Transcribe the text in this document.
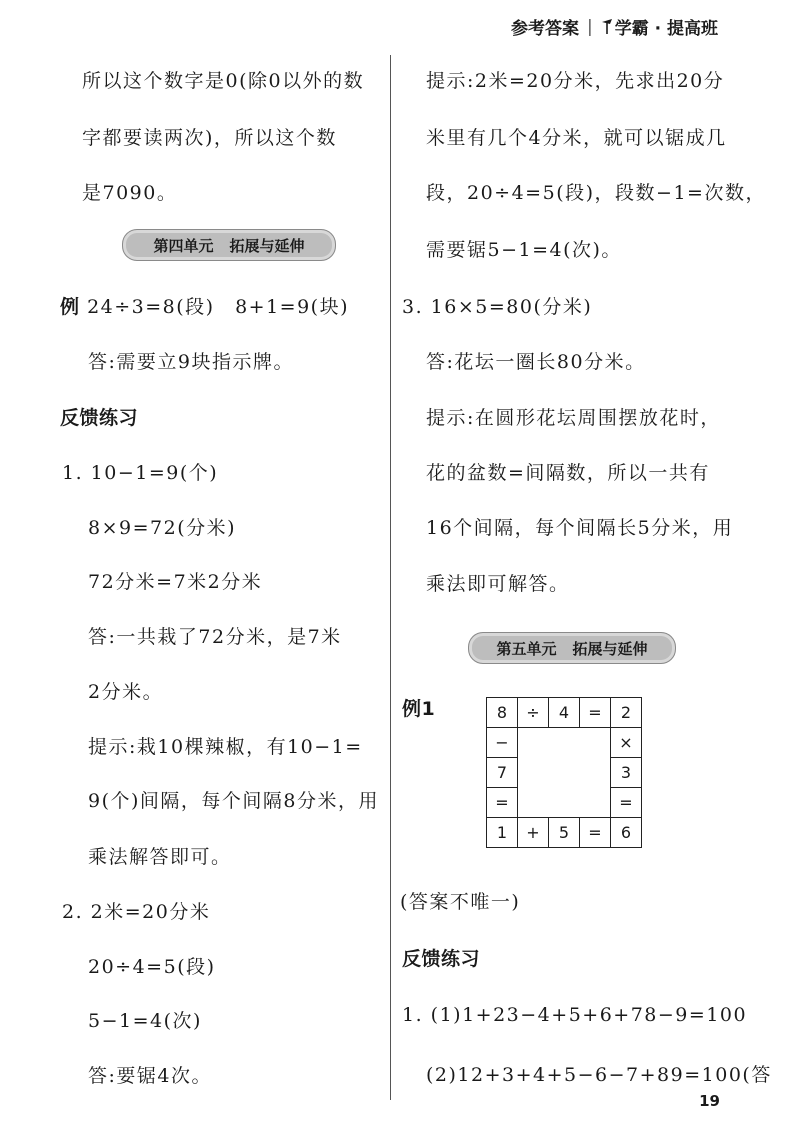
参考答案 | 学霸 · 提高班
所以这个数字是0(除0以外的数
字都要读两次)，所以这个数
是7090。
第四单元 拓展与延伸
例 24÷3=8(段)　8+1=9(块)
答:需要立9块指示牌。
反馈练习
1. 10−1=9(个)
8×9=72(分米)
72分米=7米2分米
答:一共栽了72分米，是7米
2分米。
提示:栽10棵辣椒，有10−1=
9(个)间隔，每个间隔8分米，用
乘法解答即可。
2. 2米=20分米
20÷4=5(段)
5−1=4(次)
答:要锯4次。
提示:2米=20分米，先求出20分
米里有几个4分米，就可以锯成几
段，20÷4=5(段)，段数−1=次数，
需要锯5−1=4(次)。
3. 16×5=80(分米)
答:花坛一圈长80分米。
提示:在圆形花坛周围摆放花时，
花的盆数=间隔数，所以一共有
16个间隔，每个间隔长5分米，用
乘法即可解答。
第五单元 拓展与延伸
例1	8	÷	4	=	2
−				×
7				3
=				=
1	+	5	=	6
(答案不唯一)
反馈练习
1. (1)1+23−4+5+6+78−9=100
(2)12+3+4+5−6−7+89=100(答
19
